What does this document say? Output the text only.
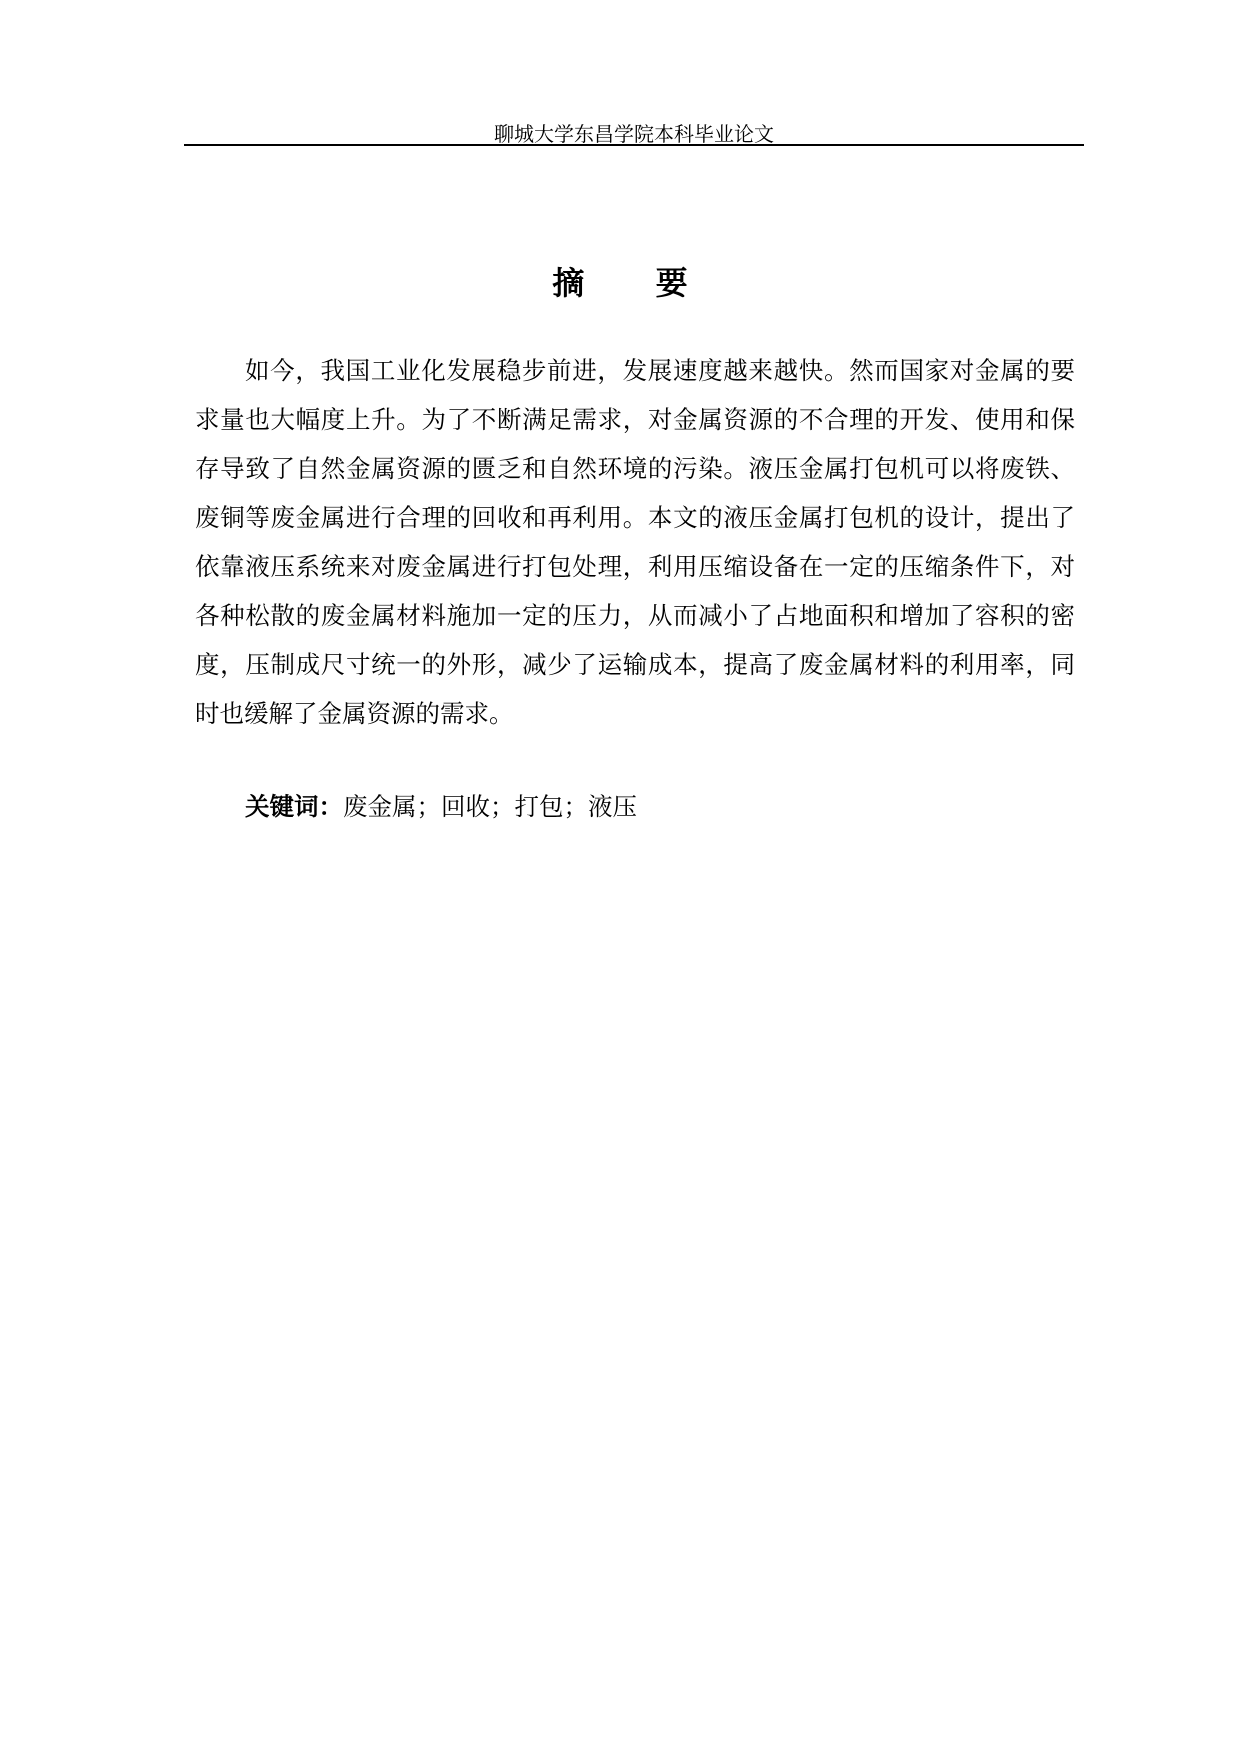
聊城大学东昌学院本科毕业论文
摘 要
如今，我国工业化发展稳步前进，发展速度越来越快。然而国家对金属的要
求量也大幅度上升。为了不断满足需求，对金属资源的不合理的开发、使用和保
存导致了自然金属资源的匮乏和自然环境的污染。液压金属打包机可以将废铁、
废铜等废金属进行合理的回收和再利用。本文的液压金属打包机的设计，提出了
依靠液压系统来对废金属进行打包处理，利用压缩设备在一定的压缩条件下，对
各种松散的废金属材料施加一定的压力，从而减小了占地面积和增加了容积的密
度，压制成尺寸统一的外形，减少了运输成本，提高了废金属材料的利用率，同
时也缓解了金属资源的需求。
关键词：废金属；回收；打包；液压
